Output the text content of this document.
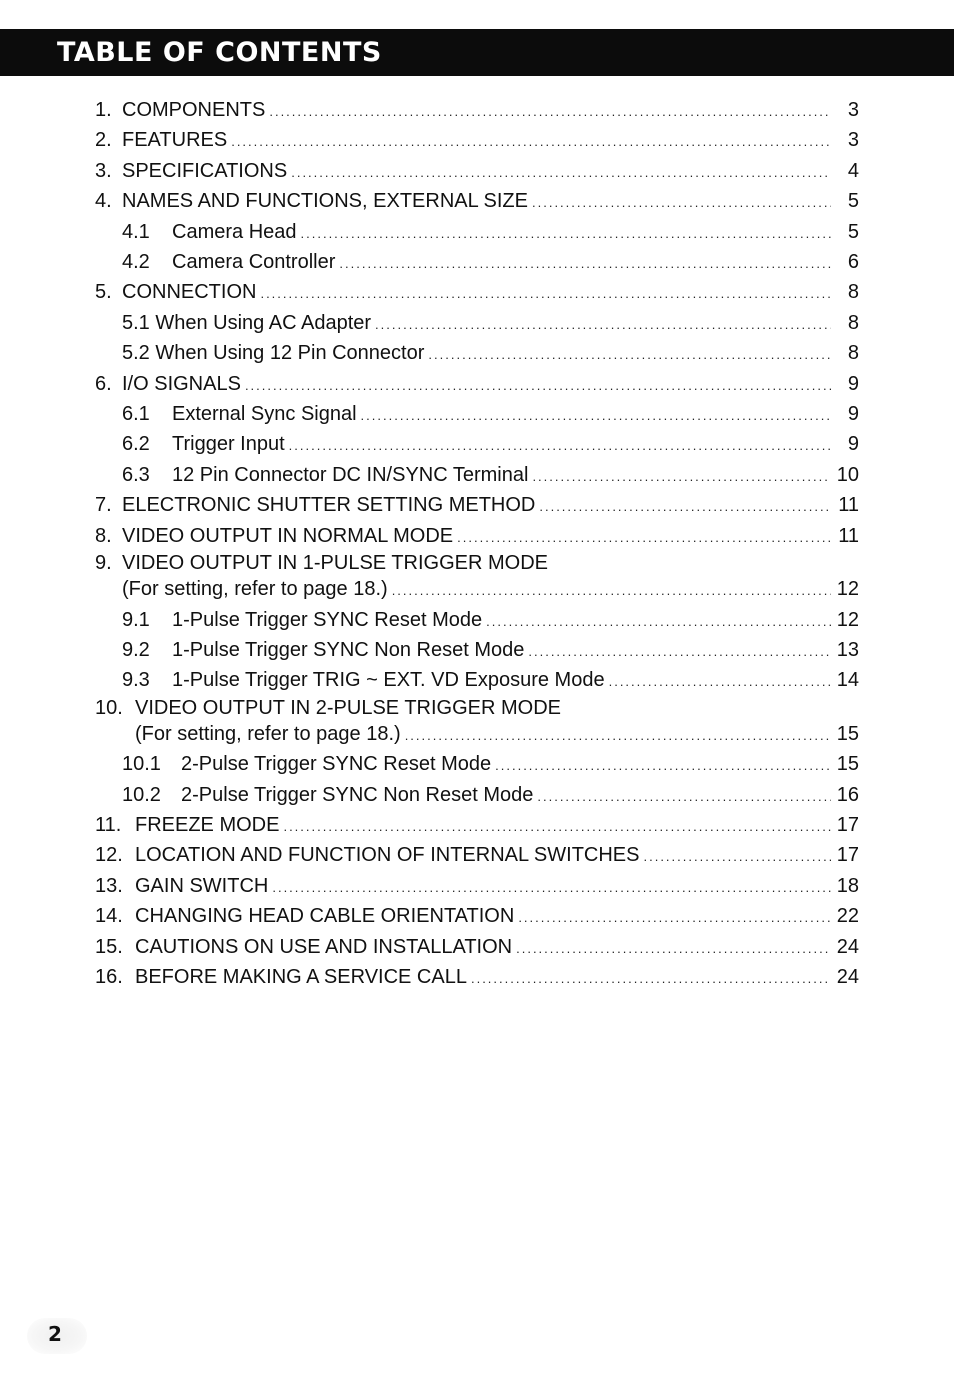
TABLE OF CONTENTS
1. COMPONENTS .....	3
2. FEATURES .....	3
3. SPECIFICATIONS .....	4
4. NAMES AND FUNCTIONS, EXTERNAL SIZE .....	5
4.1	Camera Head .....	5
4.2	Camera Controller .....	6
5. CONNECTION .....	8
5.1 When Using AC Adapter .....	8
5.2 When Using 12 Pin Connector .....	8
6. I/O SIGNALS .....	9
6.1	External Sync Signal .....	9
6.2	Trigger Input .....	9
6.3	12 Pin Connector DC IN/SYNC Terminal .....	10
7. ELECTRONIC SHUTTER SETTING METHOD .....	11
8. VIDEO OUTPUT IN NORMAL MODE .....	11
9. VIDEO OUTPUT IN 1-PULSE TRIGGER MODE
(For setting, refer to page 18.) .....	12
9.1	1-Pulse Trigger SYNC Reset Mode .....	12
9.2	1-Pulse Trigger SYNC Non Reset Mode .....	13
9.3	1-Pulse Trigger TRIG ~ EXT. VD Exposure Mode .....	14
10. VIDEO OUTPUT IN 2-PULSE TRIGGER MODE
(For setting, refer to page 18.) .....	15
10.1	2-Pulse Trigger SYNC Reset Mode .....	15
10.2	2-Pulse Trigger SYNC Non Reset Mode .....	16
11. FREEZE MODE .....	17
12. LOCATION AND FUNCTION OF INTERNAL SWITCHES .....	17
13. GAIN SWITCH .....	18
14. CHANGING HEAD CABLE ORIENTATION .....	22
15. CAUTIONS ON USE AND INSTALLATION .....	24
16. BEFORE MAKING A SERVICE CALL .....	24
2
